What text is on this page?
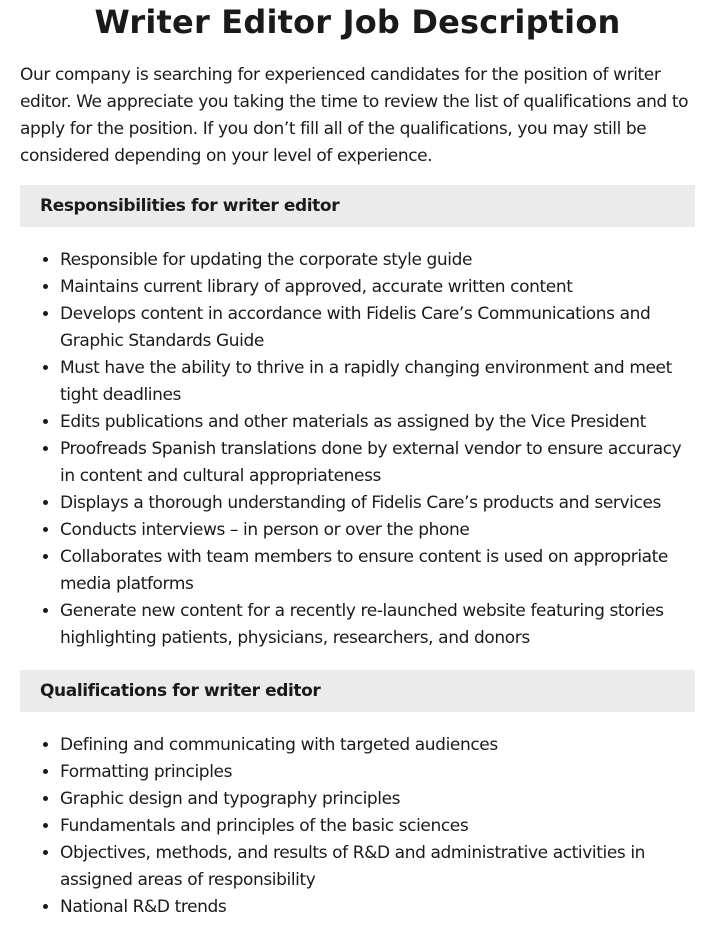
Writer Editor Job Description

Our company is searching for experienced candidates for the position of writer editor. We appreciate you taking the time to review the list of qualifications and to apply for the position. If you don’t fill all of the qualifications, you may still be considered depending on your level of experience.

Responsibilities for writer editor
• Responsible for updating the corporate style guide
• Maintains current library of approved, accurate written content
• Develops content in accordance with Fidelis Care’s Communications and Graphic Standards Guide
• Must have the ability to thrive in a rapidly changing environment and meet tight deadlines
• Edits publications and other materials as assigned by the Vice President
• Proofreads Spanish translations done by external vendor to ensure accuracy in content and cultural appropriateness
• Displays a thorough understanding of Fidelis Care’s products and services
• Conducts interviews – in person or over the phone
• Collaborates with team members to ensure content is used on appropriate media platforms
• Generate new content for a recently re-launched website featuring stories highlighting patients, physicians, researchers, and donors
Qualifications for writer editor
• Defining and communicating with targeted audiences
• Formatting principles
• Graphic design and typography principles
• Fundamentals and principles of the basic sciences
• Objectives, methods, and results of R&D and administrative activities in assigned areas of responsibility
• National R&D trends
